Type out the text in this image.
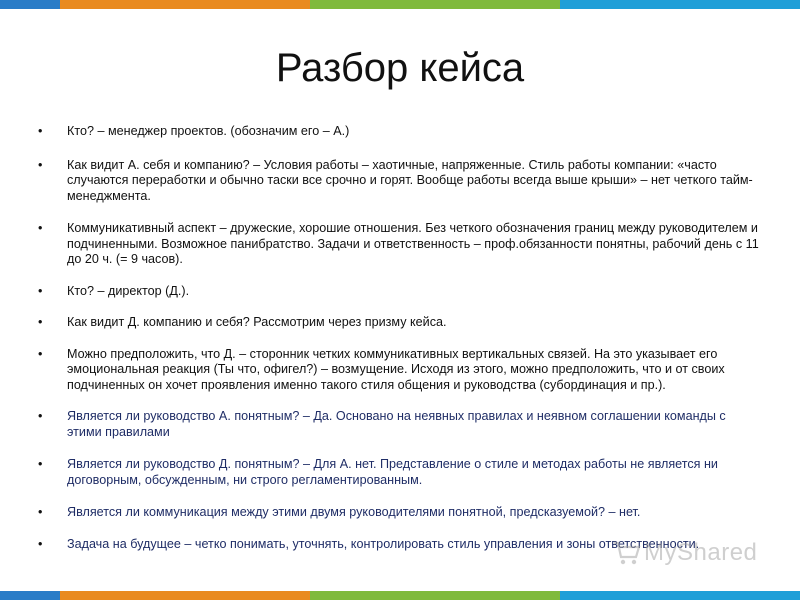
Разбор кейса
• Кто? – менеджер проектов. (обозначим его – А.)
• Как видит А. себя и компанию? – Условия работы – хаотичные, напряженные. Стиль работы компании: «часто случаются переработки и обычно таски все срочно и горят. Вообще работы всегда выше крыши» – нет четкого тайм-менеджмента.
• Коммуникативный аспект – дружеские, хорошие отношения. Без четкого обозначения границ между руководителем и подчиненными. Возможное панибратство. Задачи и ответственность – проф.обязанности понятны, рабочий день с 11 до 20 ч. (= 9 часов).
• Кто? – директор (Д.).
• Как видит Д. компанию и себя? Рассмотрим через призму кейса.
• Можно предположить, что Д. – сторонник четких коммуникативных вертикальных связей. На это указывает его эмоциональная реакция (Ты что, офигел?) – возмущение. Исходя из этого, можно предположить, что и от своих подчиненных он хочет проявления именно такого стиля общения и руководства (субординация и пр.).
• Является ли руководство А. понятным? – Да. Основано на неявных правилах и неявном соглашении команды с этими правилами
• Является ли руководство Д. понятным? – Для А. нет. Представление о стиле и методах работы не является ни договорным, обсужденным, ни строго регламентированным.
• Является ли коммуникация между этими двумя руководителями понятной, предсказуемой? – нет.
• Задача на будущее – четко понимать, уточнять, контролировать стиль управления и зоны ответственности.
MyShared
